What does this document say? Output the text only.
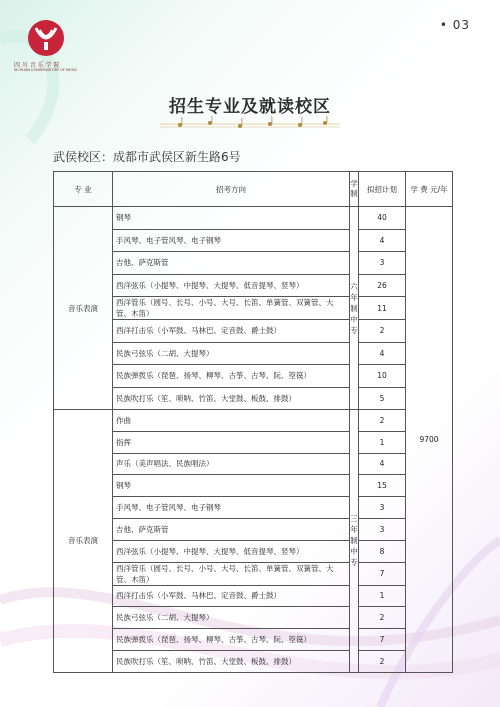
四 川 音 乐 学 院
SICHUAN CONSERVATORY OF MUSIC
• 03
招生专业及就读校区
武侯校区：成都市武侯区新生路6号
专 业	招考方向	学制	拟招计划	学 费 元/年
音乐表演	钢琴	六年制中专	40	9700
	手风琴、电子管风琴、电子钢琴		4	
	吉他、萨克斯管		3	
	西洋弦乐（小提琴、中提琴、大提琴、低音提琴、竖琴）		26	
	西洋管乐（圆号、长号、小号、大号、长笛、单簧管、双簧管、大管、木笛）		11	
	西洋打击乐（小军鼓、马林巴、定音鼓、爵士鼓）		2	
	民族弓弦乐（二胡、大提琴）		4	
	民族弹拨乐（琵琶、扬琴、柳琴、古筝、古琴、阮、箜篌）		10	
	民族吹打乐（笙、唢呐、竹笛、大堂鼓、板鼓、排鼓）		5	
音乐表演	作曲	三年制中专	2	
	指挥		1	
	声乐（美声唱法、民族唱法）		4	
	钢琴		15	
	手风琴、电子管风琴、电子钢琴		3	
	吉他、萨克斯管		3	
	西洋弦乐（小提琴、中提琴、大提琴、低音提琴、竖琴）		8	
	西洋管乐（圆号、长号、小号、大号、长笛、单簧管、双簧管、大管、木笛）		7	
	西洋打击乐（小军鼓、马林巴、定音鼓、爵士鼓）		1	
	民族弓弦乐（二胡、大提琴）		2	
	民族弹拨乐（琵琶、扬琴、柳琴、古筝、古琴、阮、箜篌）		7	
	民族吹打乐（笙、唢呐、竹笛、大堂鼓、板鼓、排鼓）		2	
